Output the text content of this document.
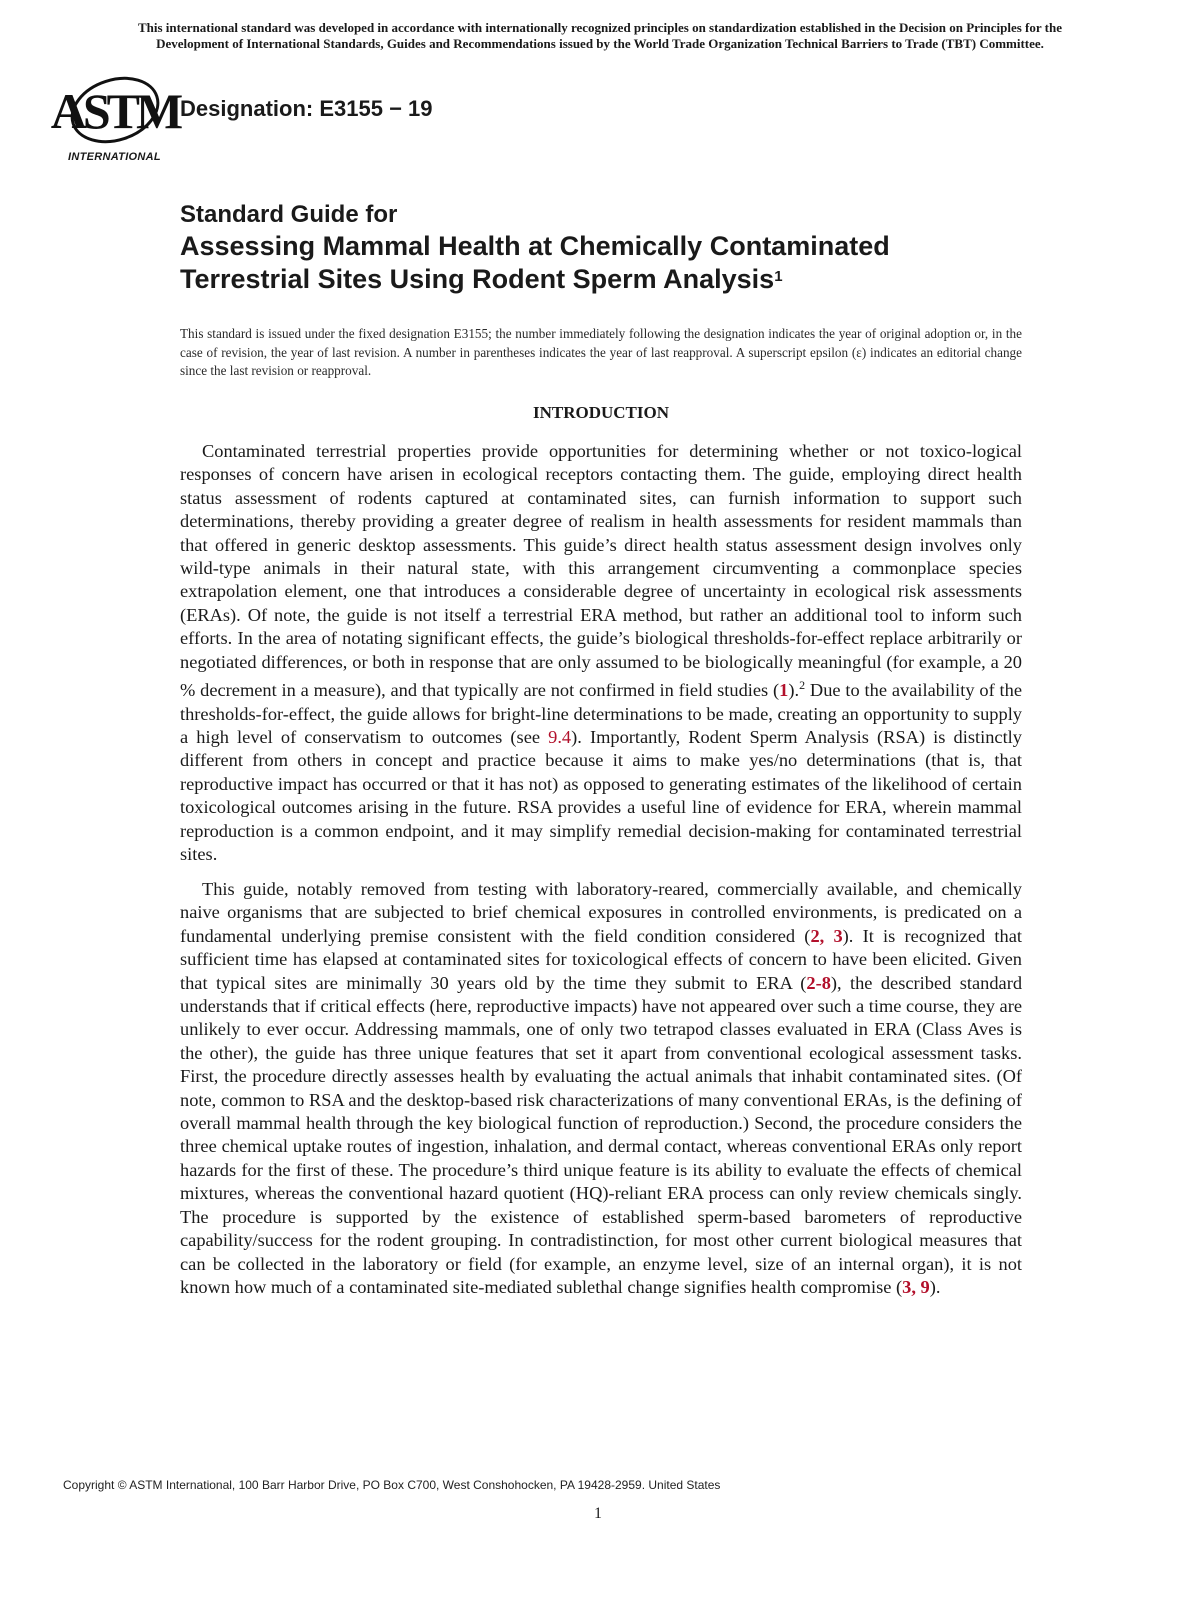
This international standard was developed in accordance with internationally recognized principles on standardization established in the Decision on Principles for the
Development of International Standards, Guides and Recommendations issued by the World Trade Organization Technical Barriers to Trade (TBT) Committee.
ASTM
INTERNATIONAL
Designation: E3155 − 19
Standard Guide for
Assessing Mammal Health at Chemically Contaminated
Terrestrial Sites Using Rodent Sperm Analysis$^1$
This standard is issued under the fixed designation E3155; the number immediately following the designation indicates the year of original adoption or, in the case of revision, the year of last revision. A number in parentheses indicates the year of last reapproval. A superscript epsilon (ε) indicates an editorial change since the last revision or reapproval.
INTRODUCTION
Contaminated terrestrial properties provide opportunities for determining whether or not toxico-logical responses of concern have arisen in ecological receptors contacting them. The guide, employing direct health status assessment of rodents captured at contaminated sites, can furnish information to support such determinations, thereby providing a greater degree of realism in health assessments for resident mammals than that offered in generic desktop assessments. This guide’s direct health status assessment design involves only wild-type animals in their natural state, with this arrangement circumventing a commonplace species extrapolation element, one that introduces a considerable degree of uncertainty in ecological risk assessments (ERAs). Of note, the guide is not itself a terrestrial ERA method, but rather an additional tool to inform such efforts. In the area of notating significant effects, the guide’s biological thresholds-for-effect replace arbitrarily or negotiated differences, or both in response that are only assumed to be biologically meaningful (for example, a 20 % decrement in a measure), and that typically are not confirmed in field studies (1).$^2$ Due to the availability of the thresholds-for-effect, the guide allows for bright-line determinations to be made, creating an opportunity to supply a high level of conservatism to outcomes (see 9.4). Importantly, Rodent Sperm Analysis (RSA) is distinctly different from others in concept and practice because it aims to make yes/no determinations (that is, that reproductive impact has occurred or that it has not) as opposed to generating estimates of the likelihood of certain toxicological outcomes arising in the future. RSA provides a useful line of evidence for ERA, wherein mammal reproduction is a common endpoint, and it may simplify remedial decision-making for contaminated terrestrial sites.
This guide, notably removed from testing with laboratory-reared, commercially available, and chemically naive organisms that are subjected to brief chemical exposures in controlled environments, is predicated on a fundamental underlying premise consistent with the field condition considered (2, 3). It is recognized that sufficient time has elapsed at contaminated sites for toxicological effects of concern to have been elicited. Given that typical sites are minimally 30 years old by the time they submit to ERA (2-8), the described standard understands that if critical effects (here, reproductive impacts) have not appeared over such a time course, they are unlikely to ever occur. Addressing mammals, one of only two tetrapod classes evaluated in ERA (Class Aves is the other), the guide has three unique features that set it apart from conventional ecological assessment tasks. First, the procedure directly assesses health by evaluating the actual animals that inhabit contaminated sites. (Of note, common to RSA and the desktop-based risk characterizations of many conventional ERAs, is the defining of overall mammal health through the key biological function of reproduction.) Second, the procedure considers the three chemical uptake routes of ingestion, inhalation, and dermal contact, whereas conventional ERAs only report hazards for the first of these. The procedure’s third unique feature is its ability to evaluate the effects of chemical mixtures, whereas the conventional hazard quotient (HQ)-reliant ERA process can only review chemicals singly. The procedure is supported by the existence of established sperm-based barometers of reproductive capability/success for the rodent grouping. In contradistinction, for most other current biological measures that can be collected in the laboratory or field (for example, an enzyme level, size of an internal organ), it is not known how much of a contaminated site-mediated sublethal change signifies health compromise (3, 9).
Copyright © ASTM International, 100 Barr Harbor Drive, PO Box C700, West Conshohocken, PA 19428-2959. United States
1
